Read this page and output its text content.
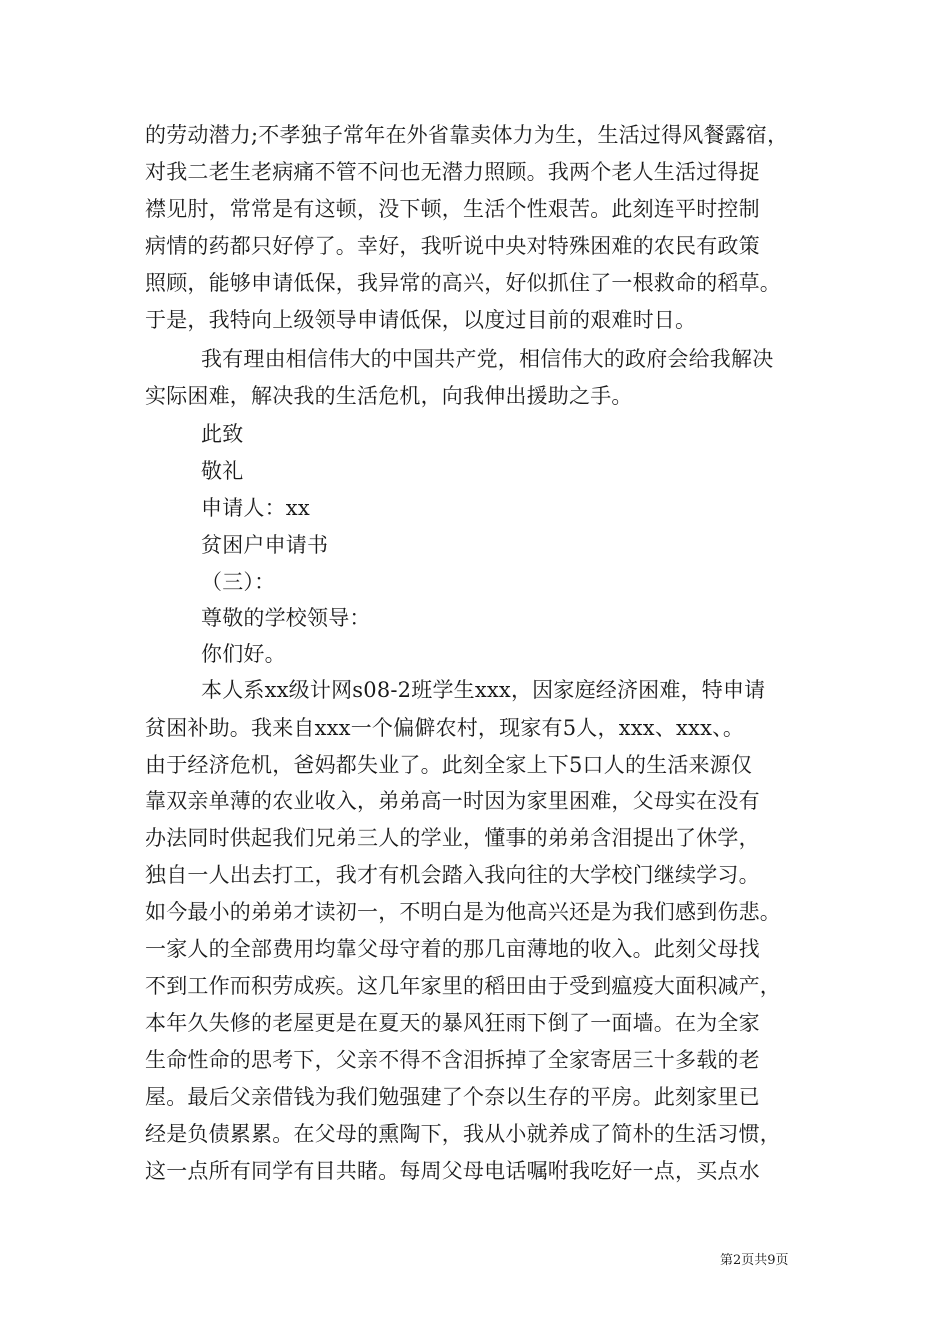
的劳动潜力;不孝独子常年在外省靠卖体力为生，生活过得风餐露宿，
对我二老生老病痛不管不问也无潜力照顾。我两个老人生活过得捉
襟见肘，常常是有这顿，没下顿，生活个性艰苦。此刻连平时控制
病情的药都只好停了。幸好，我听说中央对特殊困难的农民有政策
照顾，能够申请低保，我异常的高兴，好似抓住了一根救命的稻草。
于是，我特向上级领导申请低保，以度过目前的艰难时日。
我有理由相信伟大的中国共产党，相信伟大的政府会给我解决
实际困难，解决我的生活危机，向我伸出援助之手。
此致
敬礼
申请人：xx
贫困户申请书
（三）：
尊敬的学校领导：
你们好。
本人系xx级计网s08-2班学生xxx，因家庭经济困难，特申请
贫困补助。我来自xxx一个偏僻农村，现家有5人，xxx、xxx、。
由于经济危机，爸妈都失业了。此刻全家上下5口人的生活来源仅
靠双亲单薄的农业收入，弟弟高一时因为家里困难，父母实在没有
办法同时供起我们兄弟三人的学业，懂事的弟弟含泪提出了休学，
独自一人出去打工，我才有机会踏入我向往的大学校门继续学习。
如今最小的弟弟才读初一，不明白是为他高兴还是为我们感到伤悲。
一家人的全部费用均靠父母守着的那几亩薄地的收入。此刻父母找
不到工作而积劳成疾。这几年家里的稻田由于受到瘟疫大面积减产，
本年久失修的老屋更是在夏天的暴风狂雨下倒了一面墙。在为全家
生命性命的思考下，父亲不得不含泪拆掉了全家寄居三十多载的老
屋。最后父亲借钱为我们勉强建了个奈以生存的平房。此刻家里已
经是负债累累。在父母的熏陶下，我从小就养成了简朴的生活习惯，
这一点所有同学有目共睹。每周父母电话嘱咐我吃好一点，买点水
第2页共9页
